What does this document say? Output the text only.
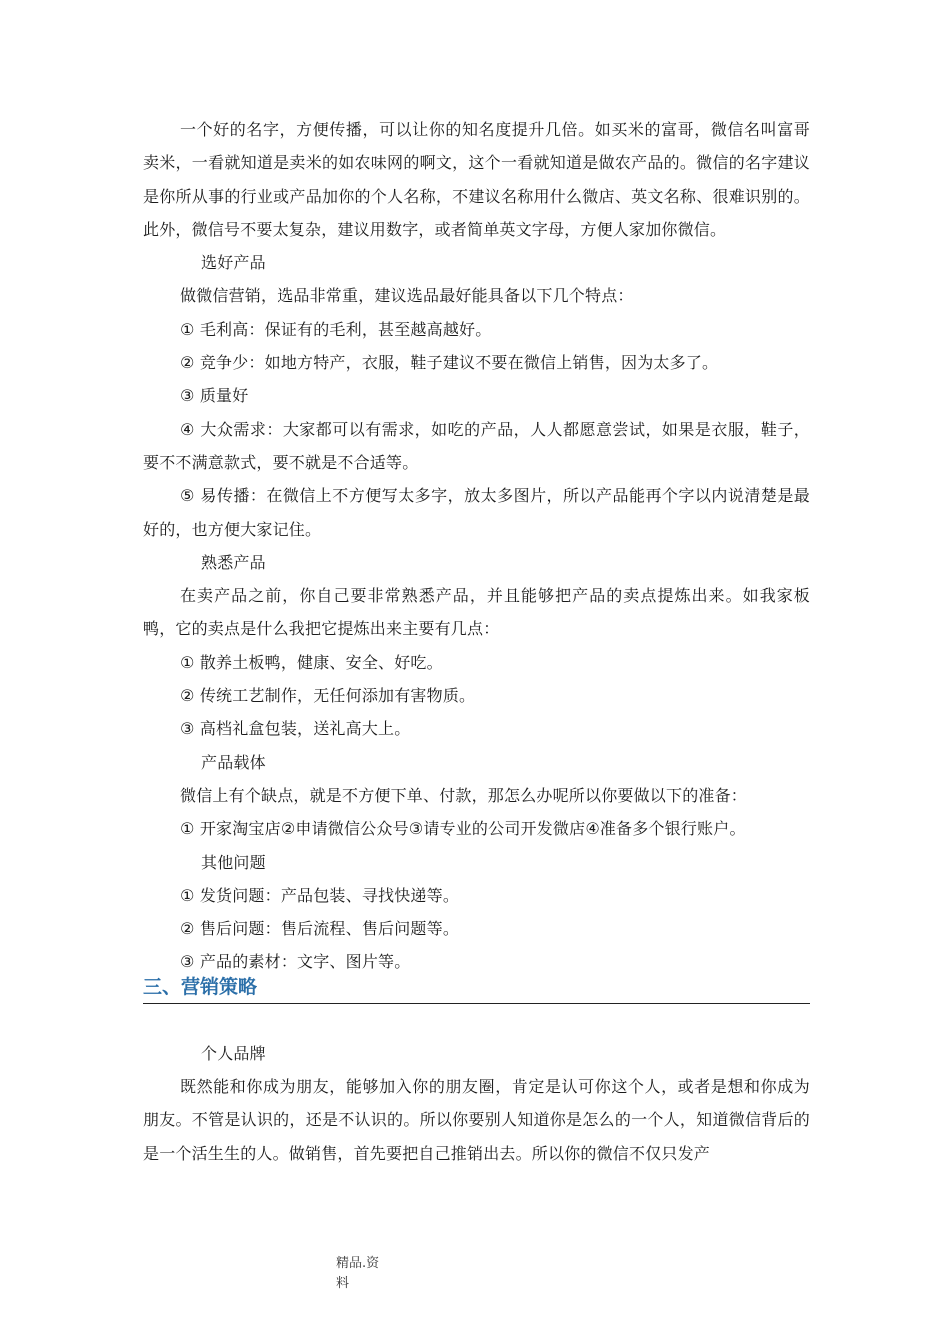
一个好的名字，方便传播，可以让你的知名度提升几倍。如买米的富哥，微信名叫富哥卖米，一看就知道是卖米的如农味网的啊文，这个一看就知道是做农产品的。微信的名字建议是你所从事的行业或产品加你的个人名称，不建议名称用什么微店、英文名称、很难识别的。此外，微信号不要太复杂，建议用数字，或者简单英文字母，方便人家加你微信。

选好产品

做微信营销，选品非常重，建议选品最好能具备以下几个特点：

① 毛利高：保证有的毛利，甚至越高越好。

② 竞争少：如地方特产，衣服，鞋子建议不要在微信上销售，因为太多了。

③ 质量好

④ 大众需求：大家都可以有需求，如吃的产品，人人都愿意尝试，如果是衣服，鞋子，要不不满意款式，要不就是不合适等。

⑤ 易传播：在微信上不方便写太多字，放太多图片，所以产品能再个字以内说清楚是最好的，也方便大家记住。

熟悉产品

在卖产品之前，你自己要非常熟悉产品，并且能够把产品的卖点提炼出来。如我家板鸭，它的卖点是什么我把它提炼出来主要有几点：

① 散养土板鸭，健康、安全、好吃。

② 传统工艺制作，无任何添加有害物质。

③ 高档礼盒包装，送礼高大上。

产品载体

微信上有个缺点，就是不方便下单、付款，那怎么办呢所以你要做以下的准备：

① 开家淘宝店②申请微信公众号③请专业的公司开发微店④准备多个银行账户。

其他问题

① 发货问题：产品包装、寻找快递等。

② 售后问题：售后流程、售后问题等。

③ 产品的素材：文字、图片等。

三、营销策略

个人品牌

既然能和你成为朋友，能够加入你的朋友圈，肯定是认可你这个人，或者是想和你成为朋友。不管是认识的，还是不认识的。所以你要别人知道你是怎么的一个人，知道微信背后的是一个活生生的人。做销售，首先要把自己推销出去。所以你的微信不仅只发产

精品.资料
